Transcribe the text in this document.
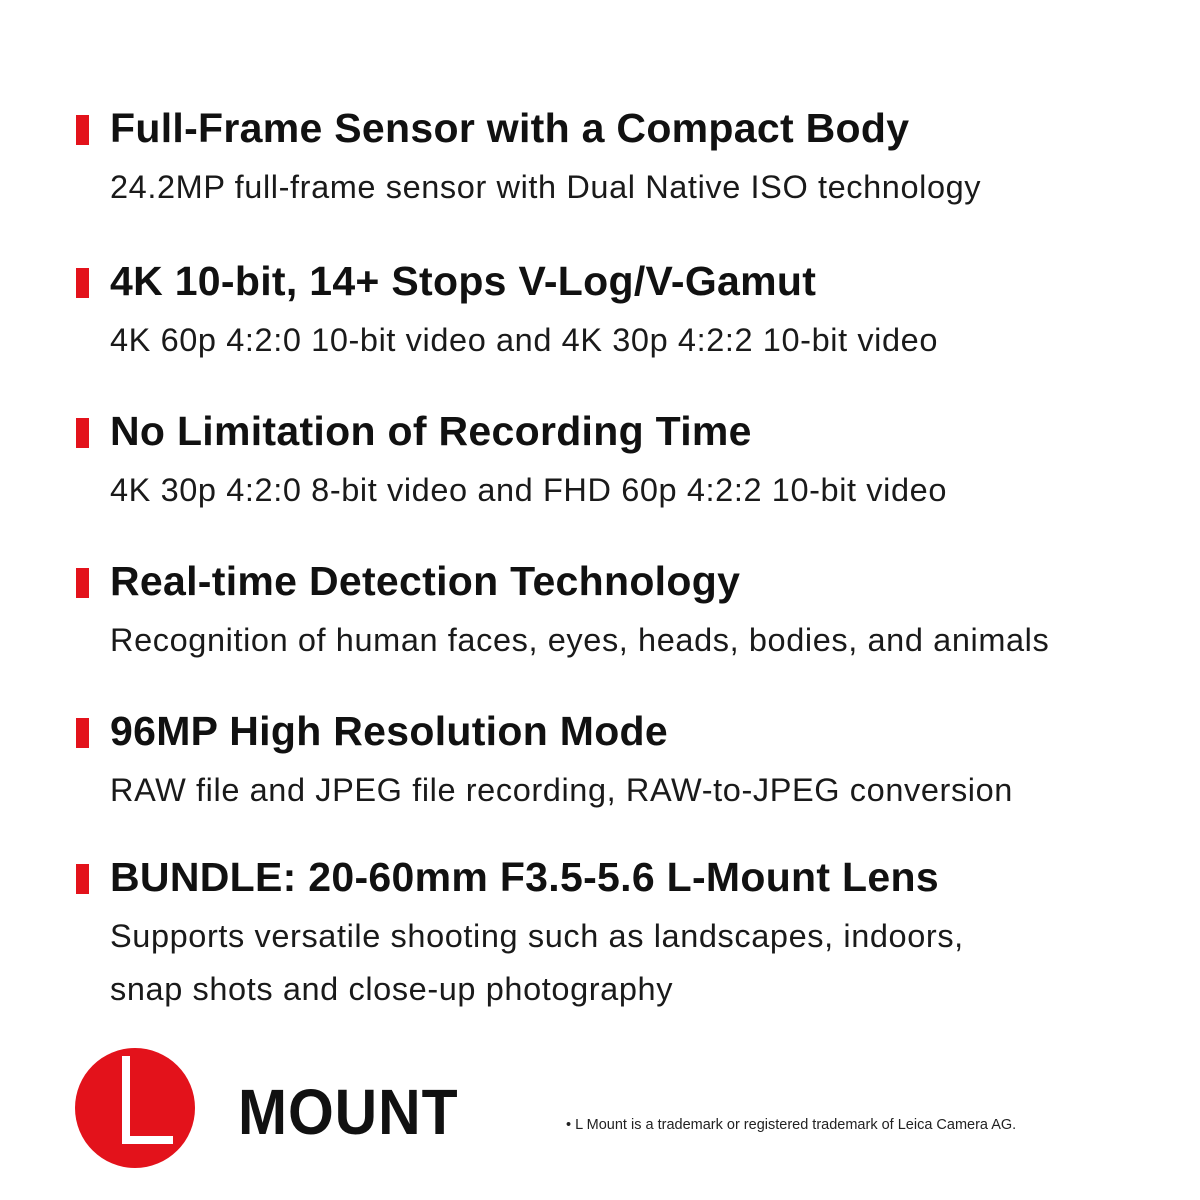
Full-Frame Sensor with a Compact Body
24.2MP full-frame sensor with Dual Native ISO technology
4K 10-bit, 14+ Stops V-Log/V-Gamut
4K 60p 4:2:0 10-bit video and 4K 30p 4:2:2 10-bit video
No Limitation of Recording Time
4K 30p 4:2:0 8-bit video and FHD 60p 4:2:2 10-bit video
Real-time Detection Technology
Recognition of human faces, eyes, heads, bodies, and animals
96MP High Resolution Mode
RAW file and JPEG file recording, RAW-to-JPEG conversion
BUNDLE: 20-60mm F3.5-5.6 L-Mount Lens
Supports versatile shooting such as landscapes, indoors,
snap shots and close-up photography
MOUNT	• L Mount is a trademark or registered trademark of Leica Camera AG.
